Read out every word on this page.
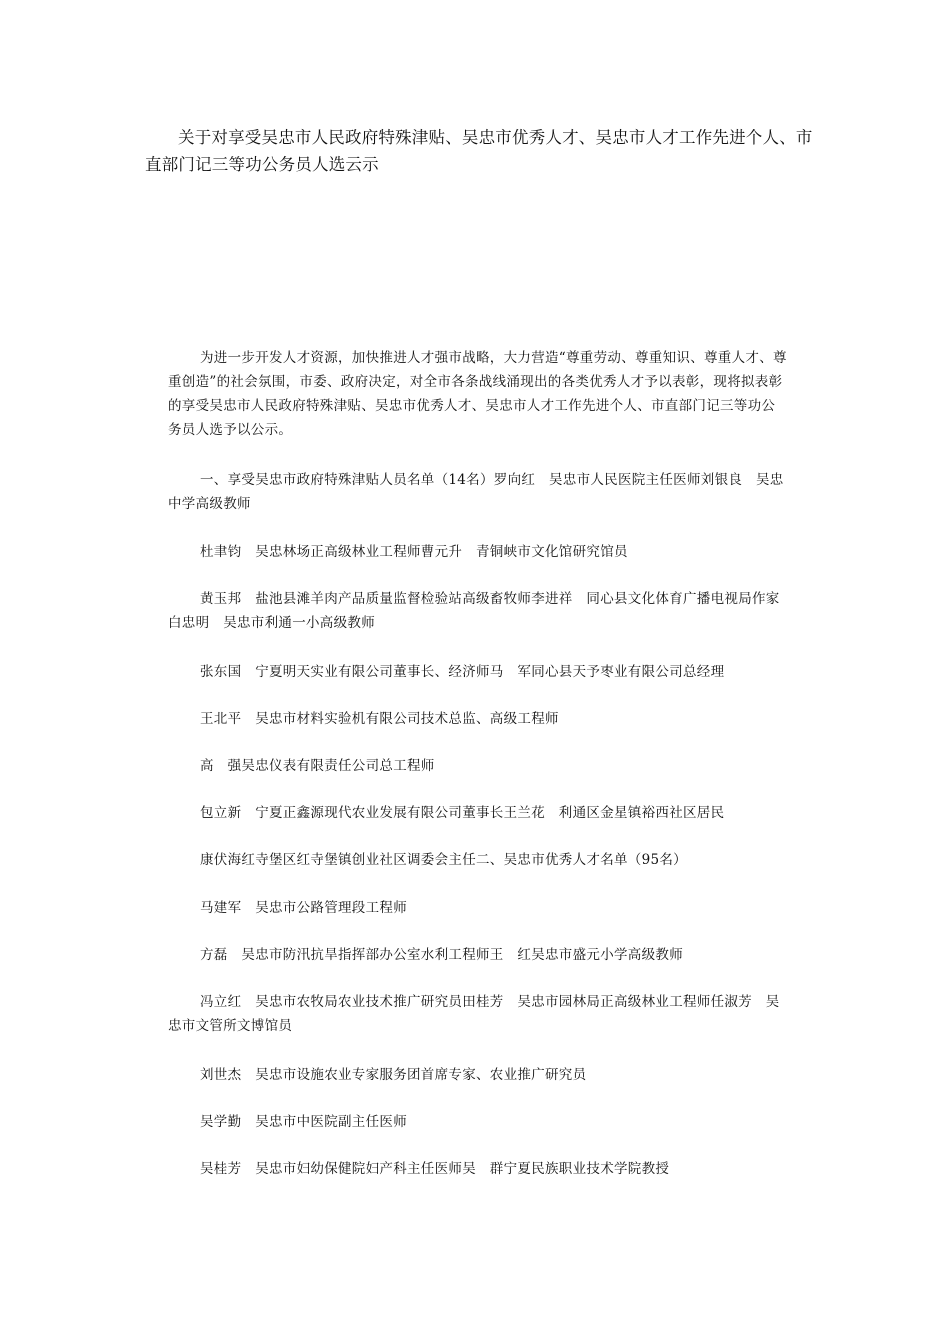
关于对享受吴忠市人民政府特殊津贴、吴忠市优秀人才、吴忠市人才工作先进个人、市直部门记三等功公务员人选云示

为进一步开发人才资源，加快推进人才强市战略，大力营造“尊重劳动、尊重知识、尊重人才、尊重创造”的社会氛围，市委、政府决定，对全市各条战线涌现出的各类优秀人才予以表彰，现将拟表彰的享受吴忠市人民政府特殊津贴、吴忠市优秀人才、吴忠市人才工作先进个人、市直部门记三等功公务员人选予以公示。

一、享受吴忠市政府特殊津贴人员名单（14名）罗向红　吴忠市人民医院主任医师刘银良　吴忠中学高级教师

杜聿钧　吴忠林场正高级林业工程师曹元升　青铜峡市文化馆研究馆员

黄玉邦　盐池县滩羊肉产品质量监督检验站高级畜牧师李进祥　同心县文化体育广播电视局作家白忠明　吴忠市利通一小高级教师

张东国　宁夏明天实业有限公司董事长、经济师马　军同心县天予枣业有限公司总经理

王北平　吴忠市材料实验机有限公司技术总监、高级工程师

高　强吴忠仪表有限责任公司总工程师

包立新　宁夏正鑫源现代农业发展有限公司董事长王兰花　利通区金星镇裕西社区居民

康伏海红寺堡区红寺堡镇创业社区调委会主任二、吴忠市优秀人才名单（95名）

马建军　吴忠市公路管理段工程师

方磊　吴忠市防汛抗旱指挥部办公室水利工程师王　红吴忠市盛元小学高级教师

冯立红　吴忠市农牧局农业技术推广研究员田桂芳　吴忠市园林局正高级林业工程师任淑芳　吴忠市文管所文博馆员

刘世杰　吴忠市设施农业专家服务团首席专家、农业推广研究员

吴学勤　吴忠市中医院副主任医师

吴桂芳　吴忠市妇幼保健院妇产科主任医师吴　群宁夏民族职业技术学院教授
